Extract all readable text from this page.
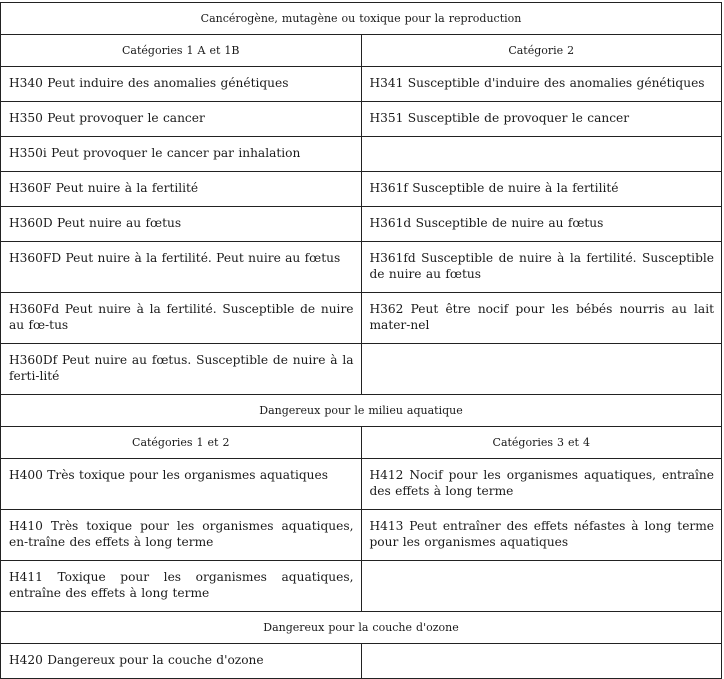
Cancérogène, mutagène ou toxique pour la reproduction	
Catégories 1 A et 1B	Catégorie 2
H340 Peut induire des anomalies génétiques	H341 Susceptible d'induire des anomalies génétiques
H350 Peut provoquer le cancer	H351 Susceptible de provoquer le cancer
H350i Peut provoquer le cancer par inhalation	
H360F Peut nuire à la fertilité	H361f Susceptible de nuire à la fertilité
H360D Peut nuire au fœtus	H361d Susceptible de nuire au fœtus
H360FD Peut nuire à la fertilité. Peut nuire au fœtus	H361fd Susceptible de nuire à la fertilité. Susceptible de nuire au fœtus
H360Fd Peut nuire à la fertilité. Susceptible de nuire au fœ-tus	H362 Peut être nocif pour les bébés nourris au lait mater-nel
H360Df Peut nuire au fœtus. Susceptible de nuire à la ferti-lité	
Dangereux pour le milieu aquatique	
Catégories 1 et 2	Catégories 3 et 4
H400 Très toxique pour les organismes aquatiques	H412 Nocif pour les organismes aquatiques, entraîne des effets à long terme
H410 Très toxique pour les organismes aquatiques, en-traîne des effets à long terme	H413 Peut entraîner des effets néfastes à long terme pour les organismes aquatiques
H411 Toxique pour les organismes aquatiques, entraîne des effets à long terme	
Dangereux pour la couche d'ozone	
H420 Dangereux pour la couche d'ozone	
